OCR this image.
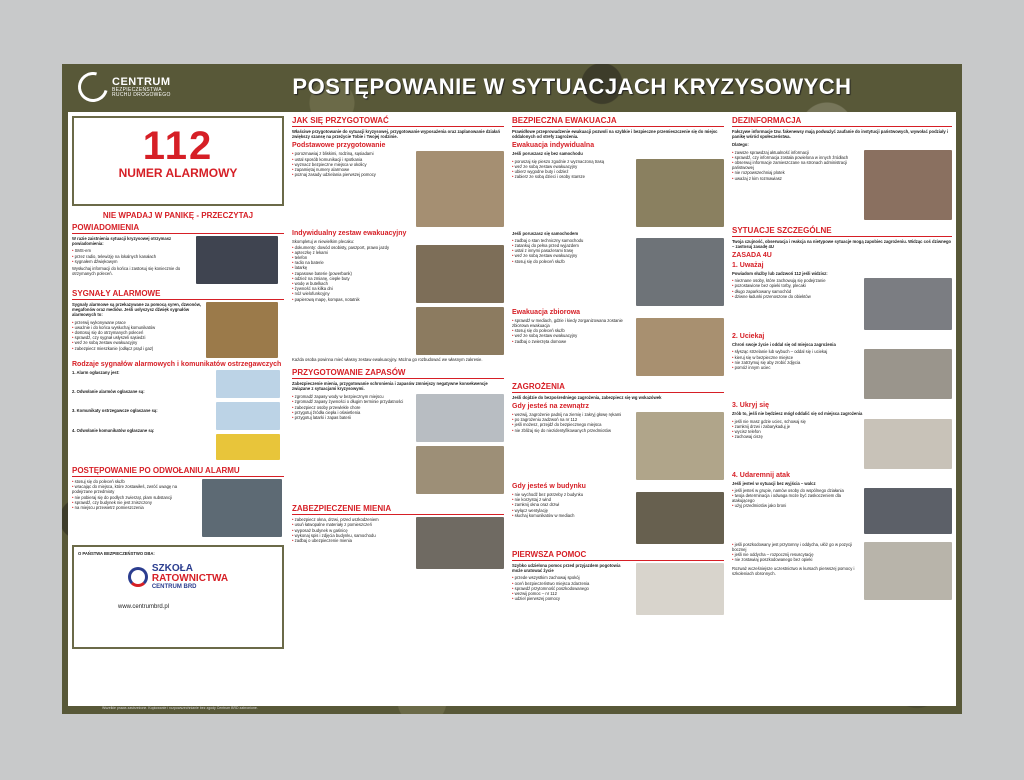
CENTRUM
BEZPIECZEŃSTWA
RUCHU DROGOWEGO	POSTĘPOWANIE W SYTUACJACH KRYZYSOWYCH
112
NUMER ALARMOWY
NIE WPADAJ W PANIKĘ - PRZECZYTAJ
POWIADOMIENIA
W razie zaistnienia sytuacji kryzysowej otrzymasz powiadomienia:
• SMS-em
• przez radio, telewizję na lokalnych kanałach
• sygnałem dźwiękowym
Wysłuchaj informacji do końca i zastosuj się koniecznie do otrzymanych poleceń.
SYGNAŁY ALARMOWE
Sygnały alarmowe są przekazywane za pomocą syren, dzwonów, megafonów oraz mediów. Jeśli usłyszysz dźwięk sygnałów alarmowych to:
• przerwij wykonywane prace
• uważnie i do końca wysłuchaj komunikatów
• dostosuj się do otrzymanych poleceń
• sprawdź, czy sygnał usłyszeli sąsiedzi
• weź ze sobą zestaw ewakuacyjny
• zabezpiecz mieszkanie (odłącz prąd i gaz)
Rodzaje sygnałów alarmowych i komunikatów ostrzegawczych
1. Alarm ogłaszany jest:
2. Odwołanie alarmów ogłaszane są:
3. Komunikaty ostrzegawcze ogłaszane są:
4. Odwołanie komunikatów ogłaszane są:
POSTĘPOWANIE PO ODWOŁANIU ALARMU
• stosuj się do poleceń służb
• wracając do miejsca, które zostawiłeś, zwróć uwagę na podejrzane przedmioty
• nie pobieraj się do podłych zwierząt, plam substancji
• sprawdź, czy budynek nie jest zniszczony
• na miejscu przewietrz pomieszczenia
O PAŃSTWA BEZPIECZEŃSTWO DBA:
SZKOŁA
RATOWNICTWA
CENTRUM BRD
www.centrumbrd.pl
JAK SIĘ PRZYGOTOWAĆ
Właściwe przygotowanie do sytuacji kryzysowej, przygotowanie wyposażenia oraz zaplanowanie działań zwiększy szansę na przeżycie Tobie i Twojej rodzinie.
Podstawowe przygotowanie
• porozmawiaj z bliskimi, rodziną, sąsiadami
• ustal sposób komunikacji i spotkania
• wyznacz bezpieczne miejsca w okolicy
• zapamiętaj numery alarmowe
• poznaj zasady udzielania pierwszej pomocy
Indywidualny zestaw ewakuacyjny
Skompletuj w niewielkim plecaku:
• dokumenty: dowód osobisty, paszport, prawo jazdy
• apteczkę z lekami
• telefon
• radio na baterie
• latarkę
• zapasowe baterie (powerbank)
• odzież na zmianę, ciepłe buty
• wodę w butelkach
• żywność na kilka dni
• nóż wielofunkcyjny
• papierową mapę, kompas, notatnik
Każda osoba powinna mieć własny zestaw ewakuacyjny. Można go rozbudować we własnym zakresie.
PRZYGOTOWANIE ZAPASÓW
Zabezpieczenie mienia, przygotowanie schronienia i zapasów zmniejszy negatywne konsekwencje związane z sytuacjami kryzysowymi.
• zgromadź zapasy wody w bezpiecznym miejscu
• zgromadź zapasy żywności o długim terminie przydatności
• zabezpiecz osoby przewlekle chore
• przygotuj źródła ciepła i oświetlenia
• przygotuj latarki i zapas baterii
ZABEZPIECZENIE MIENIA
• zabezpiecz okna, drzwi, przed uszkodzeniem
• usuń łatwopalne materiały z pomieszczeń
• wyposaż budynek w gaśnicę
• wykonaj spis i zdjęcia budynku, samochodu
• zadbaj o ubezpieczenie mienia
BEZPIECZNA EWAKUACJA
Prawidłowe przeprowadzenie ewakuacji pozwoli na szybkie i bezpieczne przemieszczenie się do miejsc oddalonych od strefy zagrożenia.
Ewakuacja indywidualna
Jeśli poruszasz się bez samochodu
• poruszaj się pieszo zgodnie z wyznaczoną trasą
• weź ze sobą zestaw ewakuacyjny
• ubierz wygodne buty i odzież
• zabierz ze sobą dzieci i osoby starsze
Jeśli poruszasz się samochodem
• zadbaj o stan techniczny samochodu
• zatankuj do pełna przed wyjazdem
• ustal z innymi pasażerami trasę
• weź ze sobą zestaw ewakuacyjny
• stosuj się do poleceń służb
Ewakuacja zbiorowa
• sprawdź w mediach, gdzie i kiedy zorganizowana zostanie zbiorowa ewakuacja
• stosuj się do poleceń służb
• weź ze sobą zestaw ewakuacyjny
• zadbaj o zwierzęta domowe
ZAGROŻENIA
Jeśli dojdzie do bezpośredniego zagrożenia, zabezpiecz się wg wskazówek
Gdy jesteś na zewnątrz
• wezwij, zagrożenie padnij na ziemię i zakryj głowę rękami
• po zagrożeniu zadzwoń na nr 112
• jeśli możesz, przejdź do bezpiecznego miejsca
• nie zbliżaj się do niezidentyfikowanych przedmiotów
Gdy jesteś w budynku
• nie wychodź bez potrzeby z budynku
• nie korzystaj z wind
• zamknij okna oraz drzwi
• wyłącz wentylację
• słuchaj komunikatów w mediach
PIERWSZA POMOC
Szybko udzielona pomoc przed przyjazdem pogotowia może uratować życie
• przede wszystkim zachowaj spokój
• oceń bezpieczeństwo miejsca zdarzenia
• sprawdź przytomność poszkodowanego
• wezwij pomoc – nr 112
• udziel pierwszej pomocy
DEZINFORMACJA
Fałszywe informacje tzw. fakenewsy mają podważyć zaufanie do instytucji państwowych, wywołać podziały i panikę wśród społeczeństwa.
Dlatego:
• zawsze sprawdzaj aktualność informacji
• sprawdź, czy informacja została powielona w innych źródłach
• obserwuj informacje zamieszczane na stronach administracji państwowej
• nie rozpowszechniaj plotek
• uważaj z kim rozmawiasz
SYTUACJE SZCZEGÓLNE
Twoja czujność, obserwacja i reakcja na nietypowe sytuacje mogą zapobiec zagrożeniu. Widząc coś dziwnego – zastosuj zasadę 4U
ZASADA 4U
1. Uważaj
Powiadom służby lub zadzwoń 112 jeśli widzisz:
• nieznane osoby, które zachowują się podejrzanie
• pozostawione bez opieki torby, plecaki
• długo zaparkowany samochód
• dziwne ładunki przenoszone do obiektów
2. Uciekaj
Chroń swoje życie i oddal się od miejsca zagrożenia
• słysząc strzelanie lub wybuch – oddal się i uciekaj
• kieruj się w bezpieczne miejsce
• nie zatrzymuj się aby zrobić zdjęcia
• pomóż innym uciec
3. Ukryj się
Zrób to, jeśli nie będziesz mógł oddalić się od miejsca zagrożenia
• jeśli nie masz gdzie uciec, schowaj się
• zamknij drzwi i zabarykaduj je
• wycisz telefon
• zachowaj ciszę
4. Udaremnij atak
Jeśli jesteś w sytuacji bez wyjścia – walcz
• jeśli jesteś w grupie, namów osoby do wspólnego działania
• twoja determinacja i odwaga może być zaskoczeniem dla atakującego
• użyj przedmiotów jako broni
• jeśli poszkodowany jest przytomny i oddycha, ułóż go w pozycji bocznej
• jeśli nie oddycha – rozpocznij resuscytację
• nie zostawiaj poszkodowanego bez opieki
Rozważ wcześniejsze uczestnictwo w kursach pierwszej pomocy i szkoleniach obronnych.
Wszelkie prawa zastrzeżone. Kopiowanie i rozpowszechnianie bez zgody Centrum BRD zabronione.
